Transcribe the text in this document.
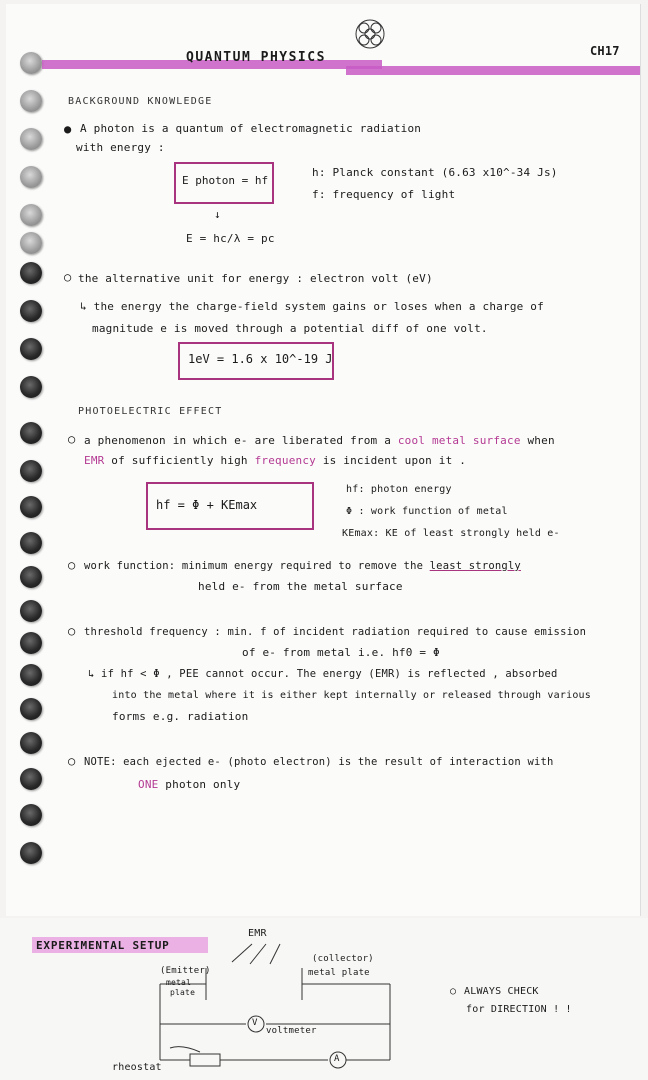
QUANTUM PHYSICS	CH17
BACKGROUND KNOWLEDGE
● A photon is a quantum of electromagnetic radiation
with energy :
E photon = hf
h: Planck constant (6.63 x10^-34 Js)
f: frequency of light
↓
E = hc/λ = pc
○ the alternative unit for energy : electron volt (eV)
↳ the energy the charge-field system gains or loses when a charge of
magnitude e is moved through a potential diff of one volt.
1eV = 1.6 x 10^-19 J
PHOTOELECTRIC EFFECT
○ a phenomenon in which e- are liberated from a cool metal surface when
EMR of sufficiently high frequency is incident upon it .
hf = Φ + KEmax
hf: photon energy
Φ : work function of metal
KEmax: KE of least strongly held e-
○ work function: minimum energy required to remove the least strongly
held e- from the metal surface
○ threshold frequency : min. f of incident radiation required to cause emission
of e- from metal i.e. hf0 = Φ
↳ if hf < Φ , PEE cannot occur. The energy (EMR) is reflected , absorbed
into the metal where it is either kept internally or released through various
forms e.g. radiation
○ NOTE: each ejected e- (photo electron) is the result of interaction with
ONE photon only
EXPERIMENTAL SETUP
EMR
(Emitter)
metal
plate
(collector)
metal plate
V
voltmeter
A
rheostat
○ ALWAYS CHECK
for DIRECTION ! !
